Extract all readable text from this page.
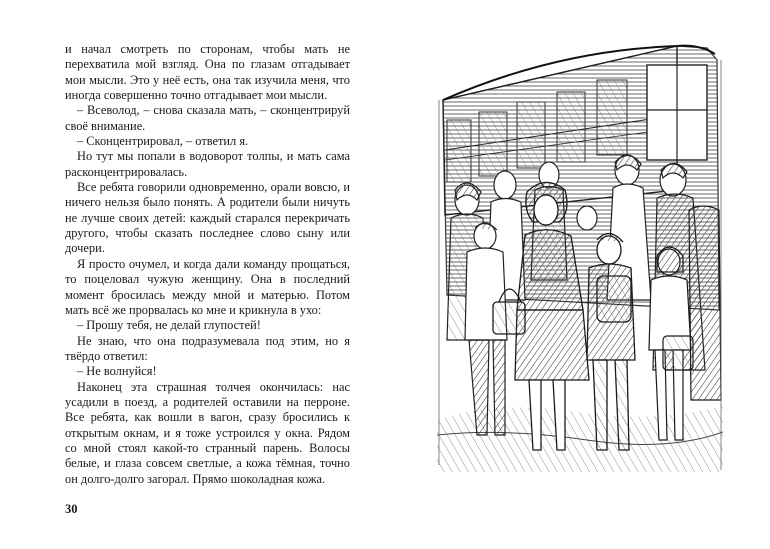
и начал смотреть по сторонам, чтобы мать не перехватила мой взгляд. Она по глазам отгадывает мои мысли. Это у неё есть, она так изучила меня, что иногда совершенно точно отгадывает мои мысли.

– Всеволод, – снова сказала мать, – сконцентрируй своё внимание.

– Сконцентрировал, – ответил я.

Но тут мы попали в водоворот толпы, и мать сама расконцентрировалась.

Все ребята говорили одновременно, орали вовсю, и ничего нельзя было понять. А родители были ничуть не лучше своих детей: каждый старался перекричать другого, чтобы сказать последнее слово сыну или дочери.

Я просто очумел, и когда дали команду прощаться, то поцеловал чужую женщину. Она в последний момент бросилась между мной и матерью. Потом мать всё же прорвалась ко мне и крикнула в ухо:

– Прошу тебя, не делай глупостей!

Не знаю, что она подразумевала под этим, но я твёрдо ответил:

– Не волнуйся!

Наконец эта страшная толчея окончилась: нас усадили в поезд, а родителей оставили на перроне. Все ребята, как вошли в вагон, сразу бросились к открытым окнам, и я тоже устроился у окна. Рядом со мной стоял какой-то странный парень. Волосы белые, и глаза совсем светлые, а кожа тёмная, точно он долго-долго загорал. Прямо шоколадная кожа.

30
